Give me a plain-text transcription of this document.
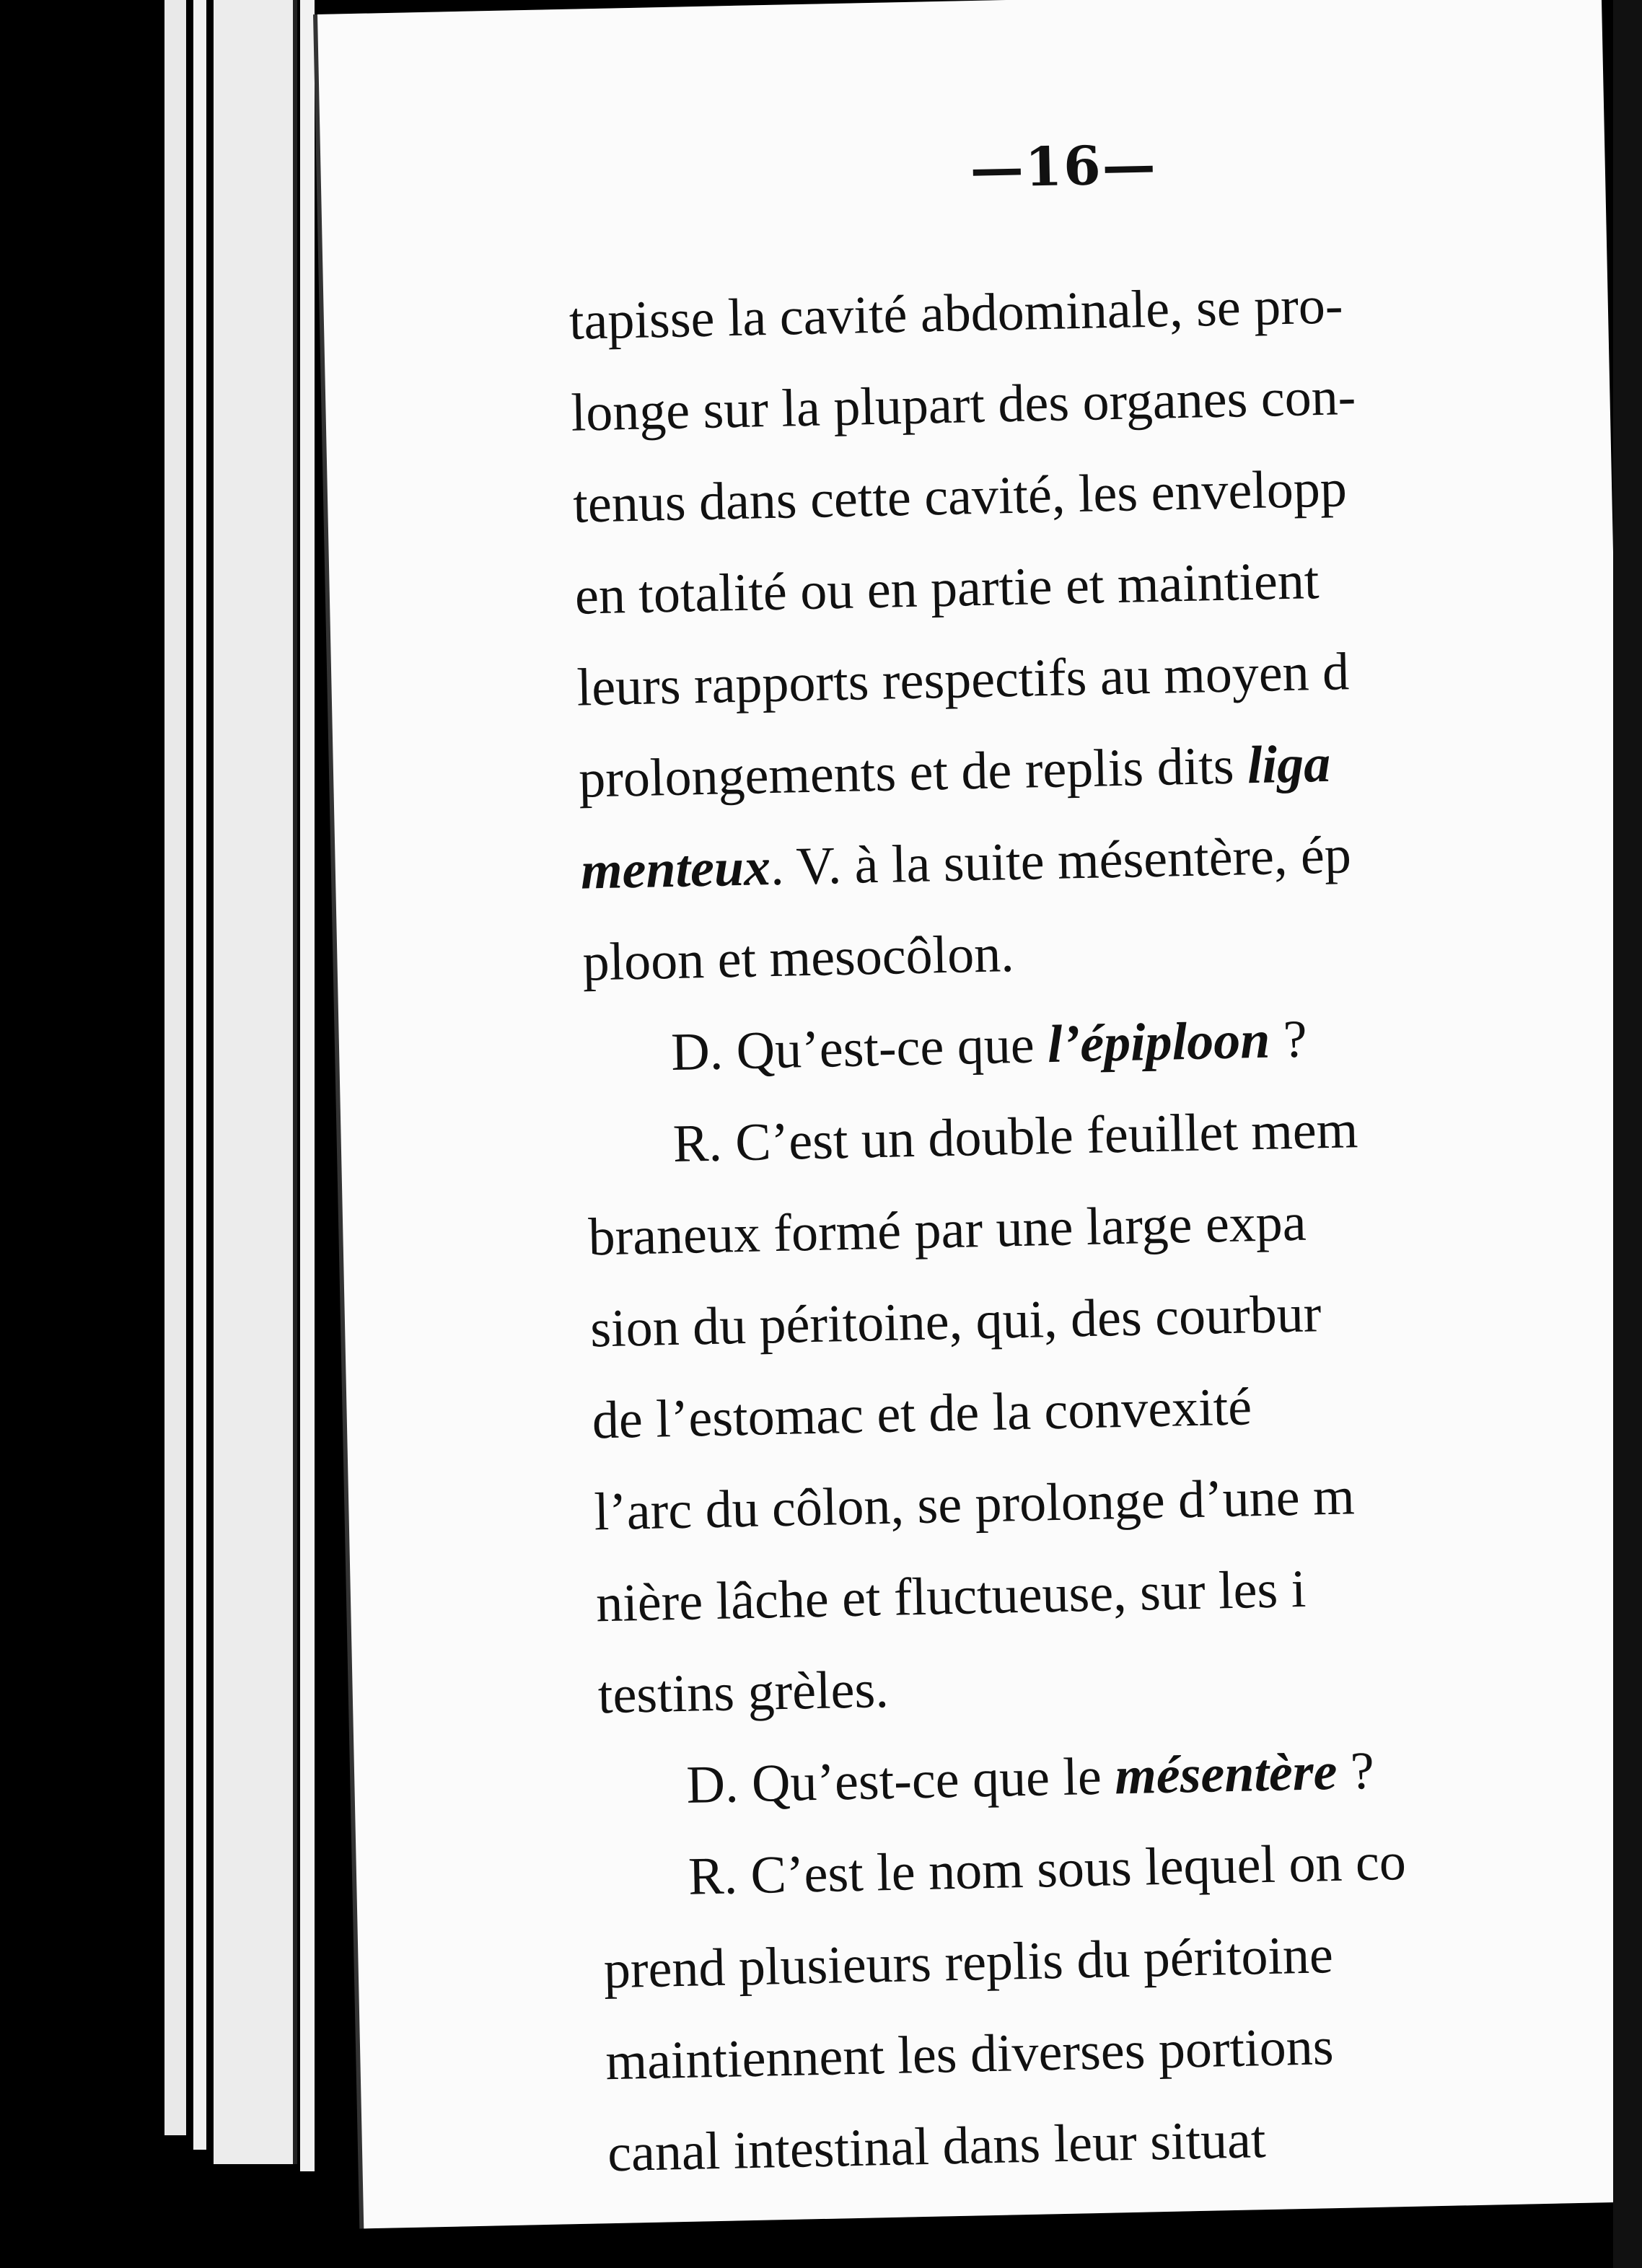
—16—
tapisse la cavité abdominale, se pro-
longe sur la plupart des organes con-
tenus dans cette cavité, les envelopp
en totalité ou en partie et maintient
leurs rapports respectifs au moyen d
prolongements et de replis dits liga
menteux. V. à la suite mésentère, ép
ploon et mesocôlon.
D. Qu’est-ce que l’épiploon ?
R. C’est un double feuillet mem
braneux formé par une large expa
sion du péritoine, qui, des courbur
de l’estomac et de la convexité
l’arc du côlon, se prolonge d’une m
nière lâche et fluctueuse, sur les i
testins grèles.
D. Qu’est-ce que le mésentère ?
R. C’est le nom sous lequel on co
prend plusieurs replis du péritoine
maintiennent les diverses portions
canal intestinal dans leur situat
